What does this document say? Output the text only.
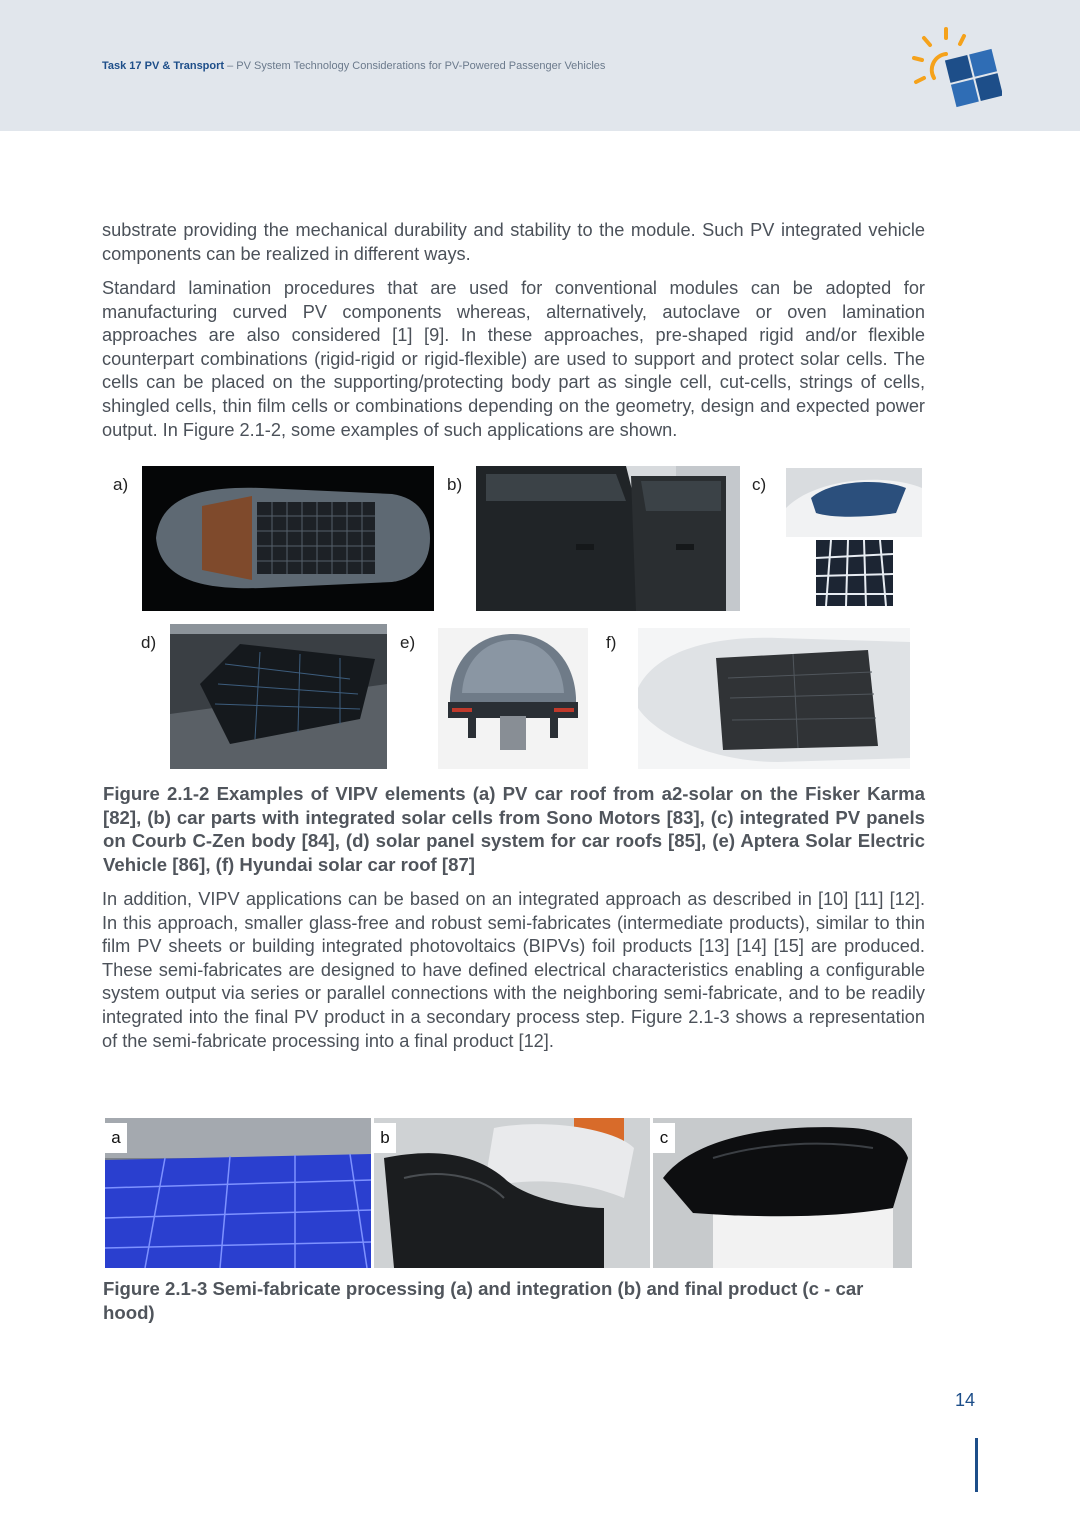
Task 17 PV & Transport – PV System Technology Considerations for PV-Powered Passenger Vehicles

substrate providing the mechanical durability and stability to the module. Such PV integrated vehicle components can be realized in different ways.

Standard lamination procedures that are used for conventional modules can be adopted for manufacturing curved PV components whereas, alternatively, autoclave or oven lamination approaches are also considered [1] [9]. In these approaches, pre-shaped rigid and/or flexible counterpart combinations (rigid-rigid or rigid-flexible) are used to support and protect solar cells. The cells can be placed on the supporting/protecting body part as single cell, cut-cells, strings of cells, shingled cells, thin film cells or combinations depending on the geometry, design and expected power output. In Figure 2.1-2, some examples of such applications are shown.

a)	b)	c)
d)	e)	f)

Figure 2.1-2 Examples of VIPV elements (a) PV car roof from a2-solar on the Fisker Karma [82], (b) car parts with integrated solar cells from Sono Motors [83], (c) integrated PV panels on Courb C-Zen body [84], (d) solar panel system for car roofs [85], (e) Aptera Solar Electric Vehicle [86], (f) Hyundai solar car roof [87]

In addition, VIPV applications can be based on an integrated approach as described in [10] [11] [12]. In this approach, smaller glass-free and robust semi-fabricates (intermediate products), similar to thin film PV sheets or building integrated photovoltaics (BIPVs) foil products [13] [14] [15] are produced. These semi-fabricates are designed to have defined electrical characteristics enabling a configurable system output via series or parallel connections with the neighboring semi-fabricate, and to be readily integrated into the final PV product in a secondary process step. Figure 2.1-3 shows a representation of the semi-fabricate processing into a final product [12].

a	b	c

Figure 2.1-3 Semi-fabricate processing (a) and integration (b) and final product (c - car hood)

14
